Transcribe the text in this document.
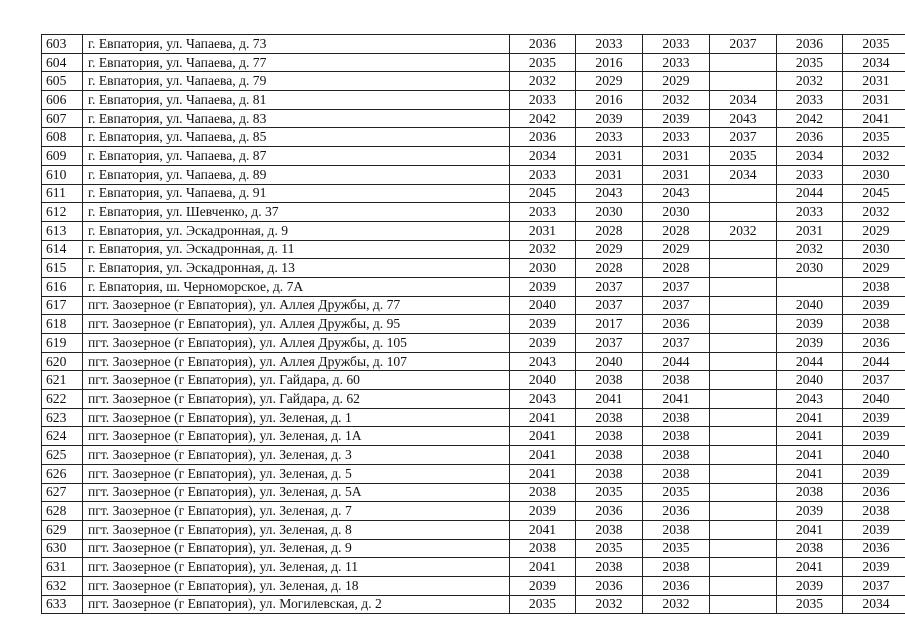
603	г. Евпатория, ул. Чапаева, д. 73	2036	2033	2033	2037	2036	2035
604	г. Евпатория, ул. Чапаева, д. 77	2035	2016	2033		2035	2034
605	г. Евпатория, ул. Чапаева, д. 79	2032	2029	2029		2032	2031
606	г. Евпатория, ул. Чапаева, д. 81	2033	2016	2032	2034	2033	2031
607	г. Евпатория, ул. Чапаева, д. 83	2042	2039	2039	2043	2042	2041
608	г. Евпатория, ул. Чапаева, д. 85	2036	2033	2033	2037	2036	2035
609	г. Евпатория, ул. Чапаева, д. 87	2034	2031	2031	2035	2034	2032
610	г. Евпатория, ул. Чапаева, д. 89	2033	2031	2031	2034	2033	2030
611	г. Евпатория, ул. Чапаева, д. 91	2045	2043	2043		2044	2045
612	г. Евпатория, ул. Шевченко, д. 37	2033	2030	2030		2033	2032
613	г. Евпатория, ул. Эскадронная, д. 9	2031	2028	2028	2032	2031	2029
614	г. Евпатория, ул. Эскадронная, д. 11	2032	2029	2029		2032	2030
615	г. Евпатория, ул. Эскадронная, д. 13	2030	2028	2028		2030	2029
616	г. Евпатория, ш. Черноморское, д. 7А	2039	2037	2037			2038
617	пгт. Заозерное (г Евпатория), ул. Аллея Дружбы, д. 77	2040	2037	2037		2040	2039
618	пгт. Заозерное (г Евпатория), ул. Аллея Дружбы, д. 95	2039	2017	2036		2039	2038
619	пгт. Заозерное (г Евпатория), ул. Аллея Дружбы, д. 105	2039	2037	2037		2039	2036
620	пгт. Заозерное (г Евпатория), ул. Аллея Дружбы, д. 107	2043	2040	2044		2044	2044
621	пгт. Заозерное (г Евпатория), ул. Гайдара, д. 60	2040	2038	2038		2040	2037
622	пгт. Заозерное (г Евпатория), ул. Гайдара, д. 62	2043	2041	2041		2043	2040
623	пгт. Заозерное (г Евпатория), ул. Зеленая, д. 1	2041	2038	2038		2041	2039
624	пгт. Заозерное (г Евпатория), ул. Зеленая, д. 1А	2041	2038	2038		2041	2039
625	пгт. Заозерное (г Евпатория), ул. Зеленая, д. 3	2041	2038	2038		2041	2040
626	пгт. Заозерное (г Евпатория), ул. Зеленая, д. 5	2041	2038	2038		2041	2039
627	пгт. Заозерное (г Евпатория), ул. Зеленая, д. 5А	2038	2035	2035		2038	2036
628	пгт. Заозерное (г Евпатория), ул. Зеленая, д. 7	2039	2036	2036		2039	2038
629	пгт. Заозерное (г Евпатория), ул. Зеленая, д. 8	2041	2038	2038		2041	2039
630	пгт. Заозерное (г Евпатория), ул. Зеленая, д. 9	2038	2035	2035		2038	2036
631	пгт. Заозерное (г Евпатория), ул. Зеленая, д. 11	2041	2038	2038		2041	2039
632	пгт. Заозерное (г Евпатория), ул. Зеленая, д. 18	2039	2036	2036		2039	2037
633	пгт. Заозерное (г Евпатория), ул. Могилевская, д. 2	2035	2032	2032		2035	2034
